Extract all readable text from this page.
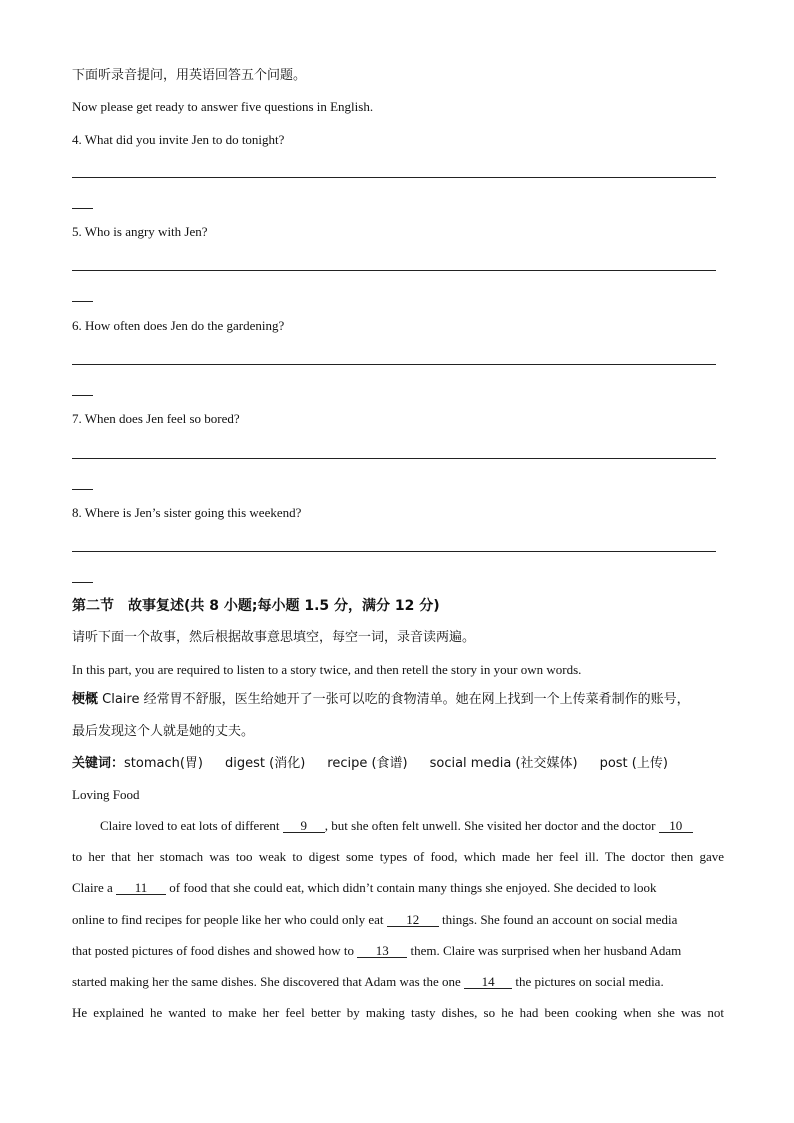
下面听录音提问，用英语回答五个问题。
Now please get ready to answer five questions in English.
4. What did you invite Jen to do tonight?
5. Who is angry with Jen?
6. How often does Jen do the gardening?
7. When does Jen feel so bored?
8. Where is Jen’s sister going this weekend?
第二节　故事复述(共 8 小题;每小题 1.5 分，满分 12 分)
请听下面一个故事，然后根据故事意思填空，每空一词，录音读两遍。
In this part, you are required to listen to a story twice, and then retell the story in your own words.
梗概 Claire 经常胃不舒服，医生给她开了一张可以吃的食物清单。她在网上找到一个上传菜肴制作的账号，
最后发现这个人就是她的丈夫。
关键词：stomach(胃) digest (消化) recipe (食谱) social media (社交媒体) post (上传)
Loving Food
Claire loved to eat lots of different 9 , but she often felt unwell. She visited her doctor and the doctor 10
to her that her stomach was too weak to digest some types of food, which made her feel ill. The doctor then gave
Claire a 11 of food that she could eat, which didn’t contain many things she enjoyed. She decided to look
online to find recipes for people like her who could only eat 12 things. She found an account on social media
that posted pictures of food dishes and showed how to 13 them. Claire was surprised when her husband Adam
started making her the same dishes. She discovered that Adam was the one 14 the pictures on social media.
He explained he wanted to make her feel better by making tasty dishes, so he had been cooking when she was not
